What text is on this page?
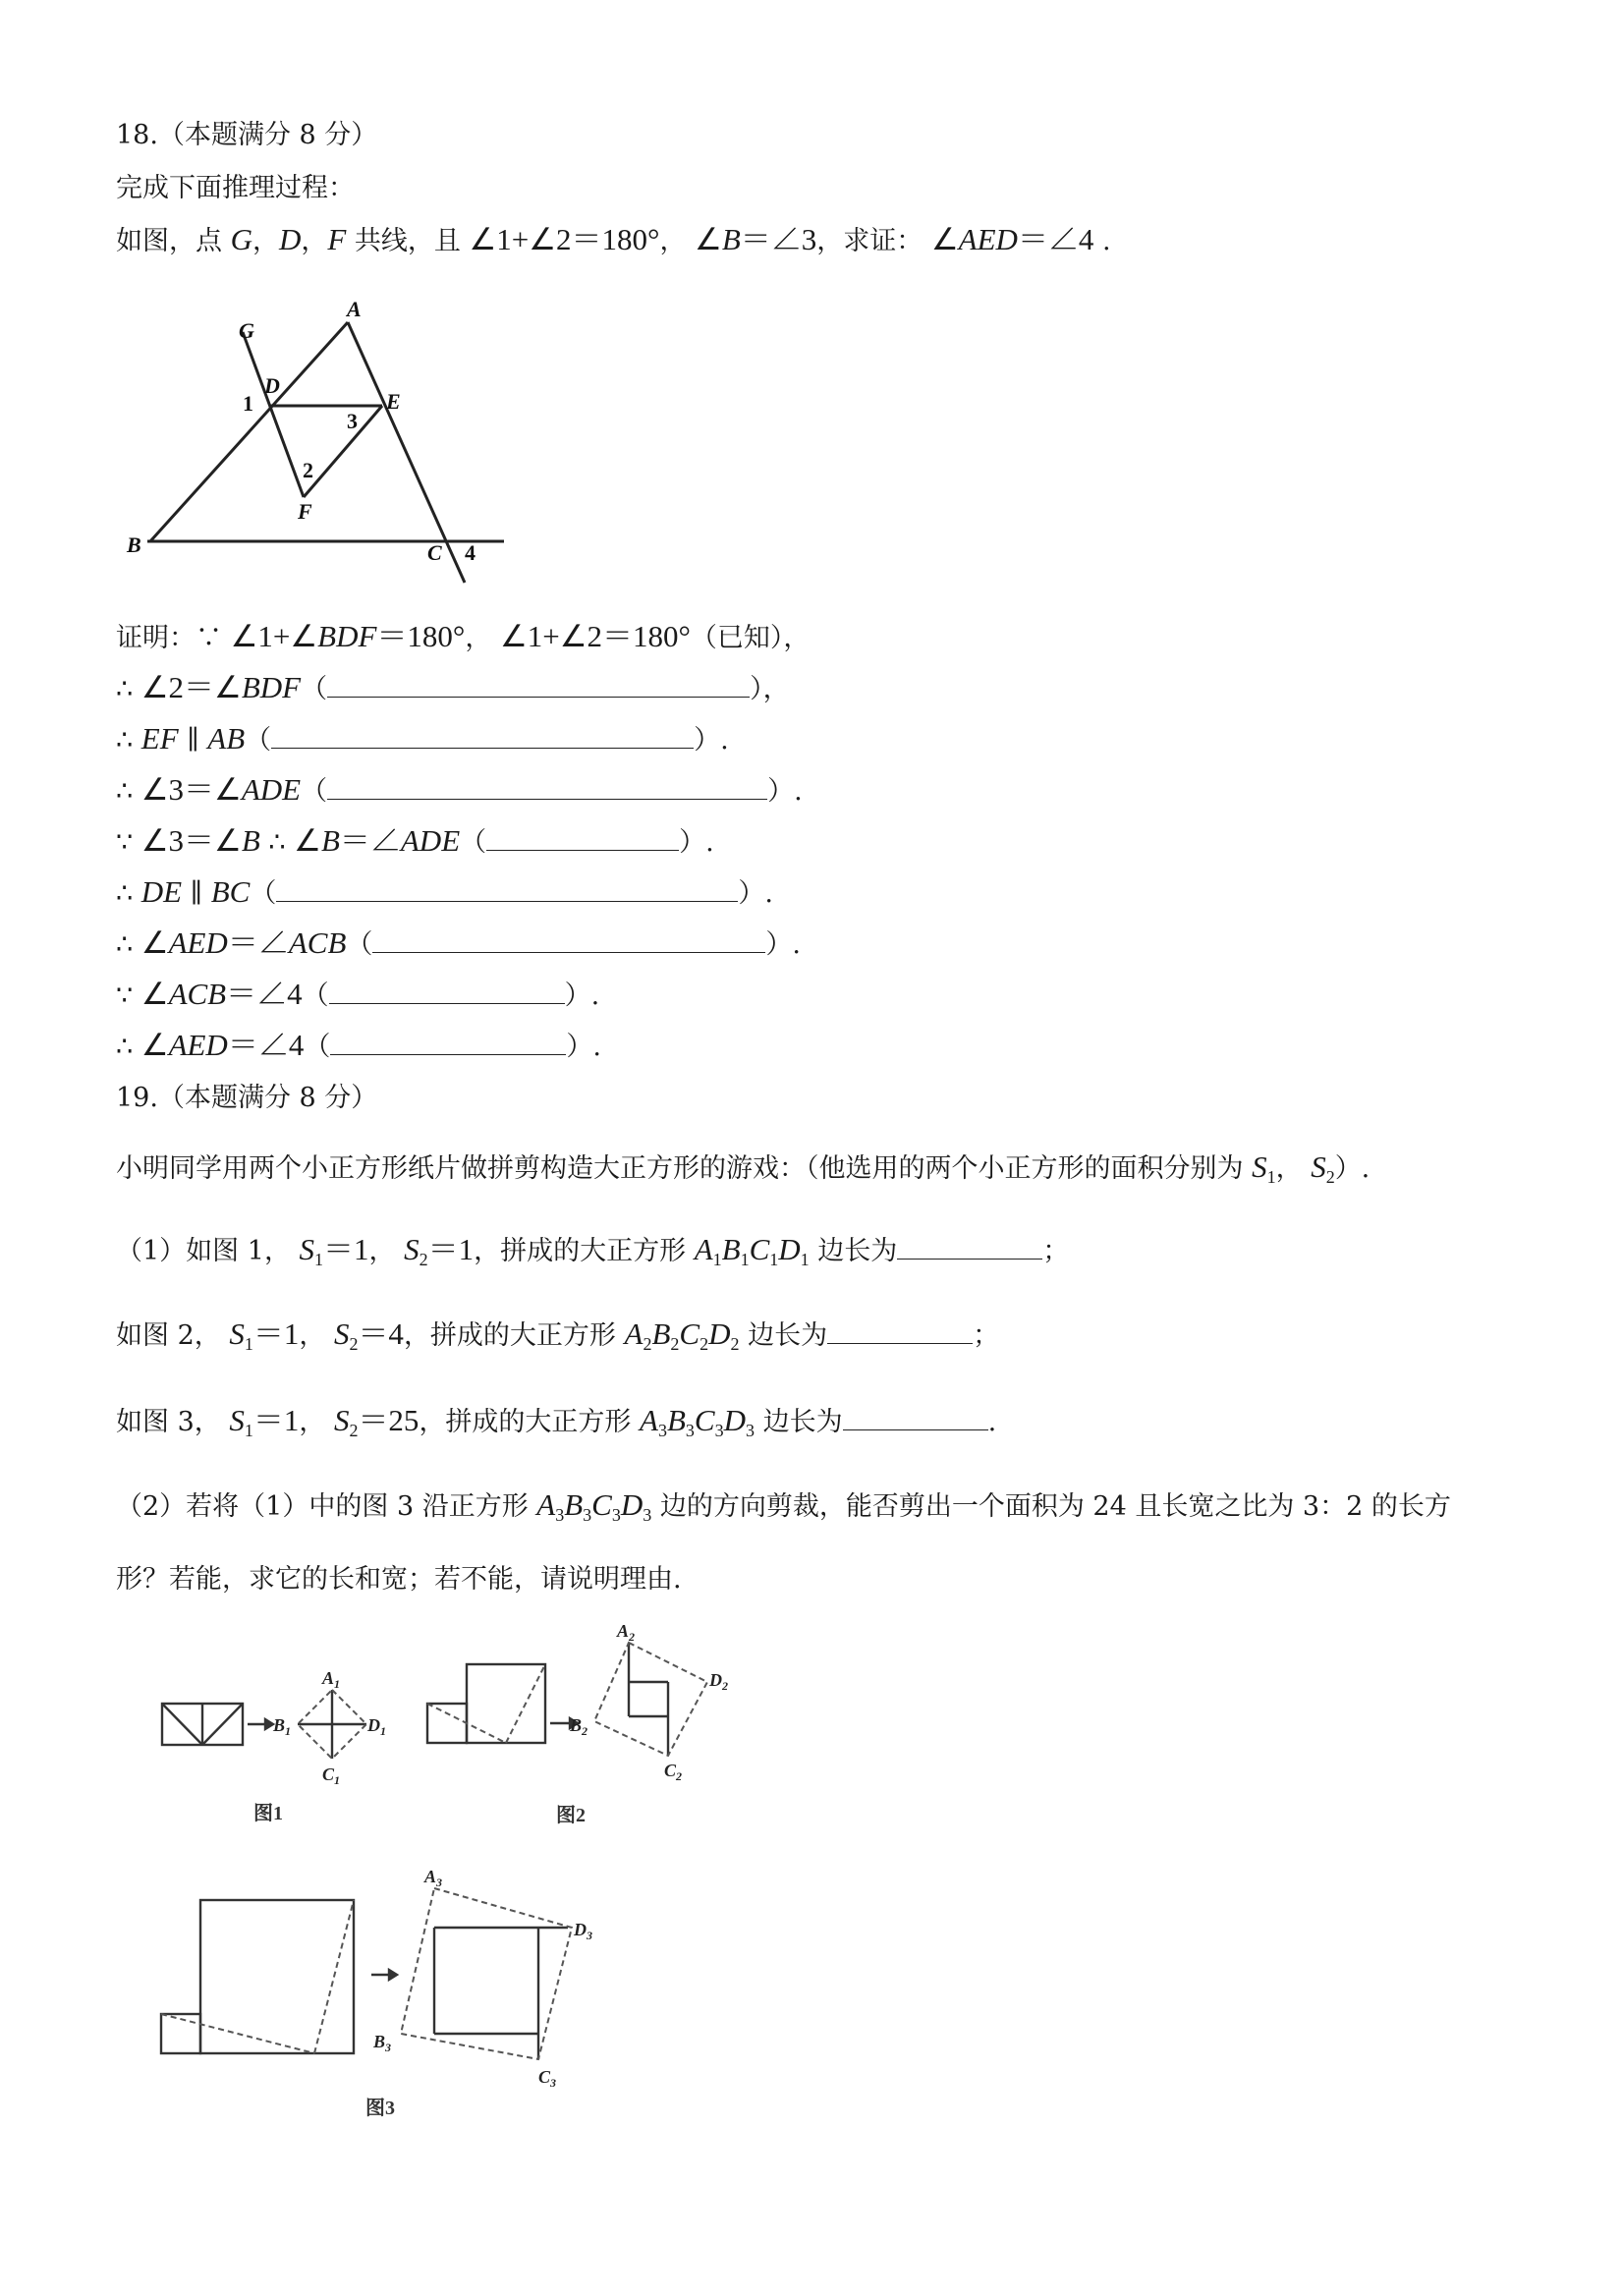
18.（本题满分 8 分）
完成下面推理过程：
如图，点 G，D，F 共线，且 ∠1+∠2＝180°， ∠B＝∠3，求证： ∠AED＝∠4 .
G
A
D
1	E
3
2
F
B	C 4
证明：∵ ∠1+∠BDF＝180°， ∠1+∠2＝180°（已知），
∴ ∠2＝∠BDF（	），
∴ EF ∥ AB（	）.
∴ ∠3＝∠ADE（	）.
∵ ∠3＝∠B ∴ ∠B＝∠ADE（	）.
∴ DE ∥ BC（	）.
∴ ∠AED＝∠ACB（	）.
∵ ∠ACB＝∠4（	）.
∴ ∠AED＝∠4（	）.
19.（本题满分 8 分）
小明同学用两个小正方形纸片做拼剪构造大正方形的游戏：（他选用的两个小正方形的面积分别为 $S_1$， $S_2$）.
（1）如图 1， $S_1=1$， $S_2=1$，拼成的大正方形 $A_1B_1C_1D_1$ 边长为	；
如图 2， $S_1=1$， $S_2=4$，拼成的大正方形 $A_2B_2C_2D_2$ 边长为	；
如图 3， $S_1=1$， $S_2=25$，拼成的大正方形 $A_3B_3C_3D_3$ 边长为	.
（2）若将（1）中的图 3 沿正方形 $A_3B_3C_3D_3$ 边的方向剪裁，能否剪出一个面积为 24 且长宽之比为 3：2 的长方
形？若能，求它的长和宽；若不能，请说明理由.
$A_1$
$D_1$
$B_1$
$C_1$
图1
$A_2$
$D_2$
$B_2$
$C_2$
图2
$A_3$
$D_3$
$B_3$
$C_3$
图3
